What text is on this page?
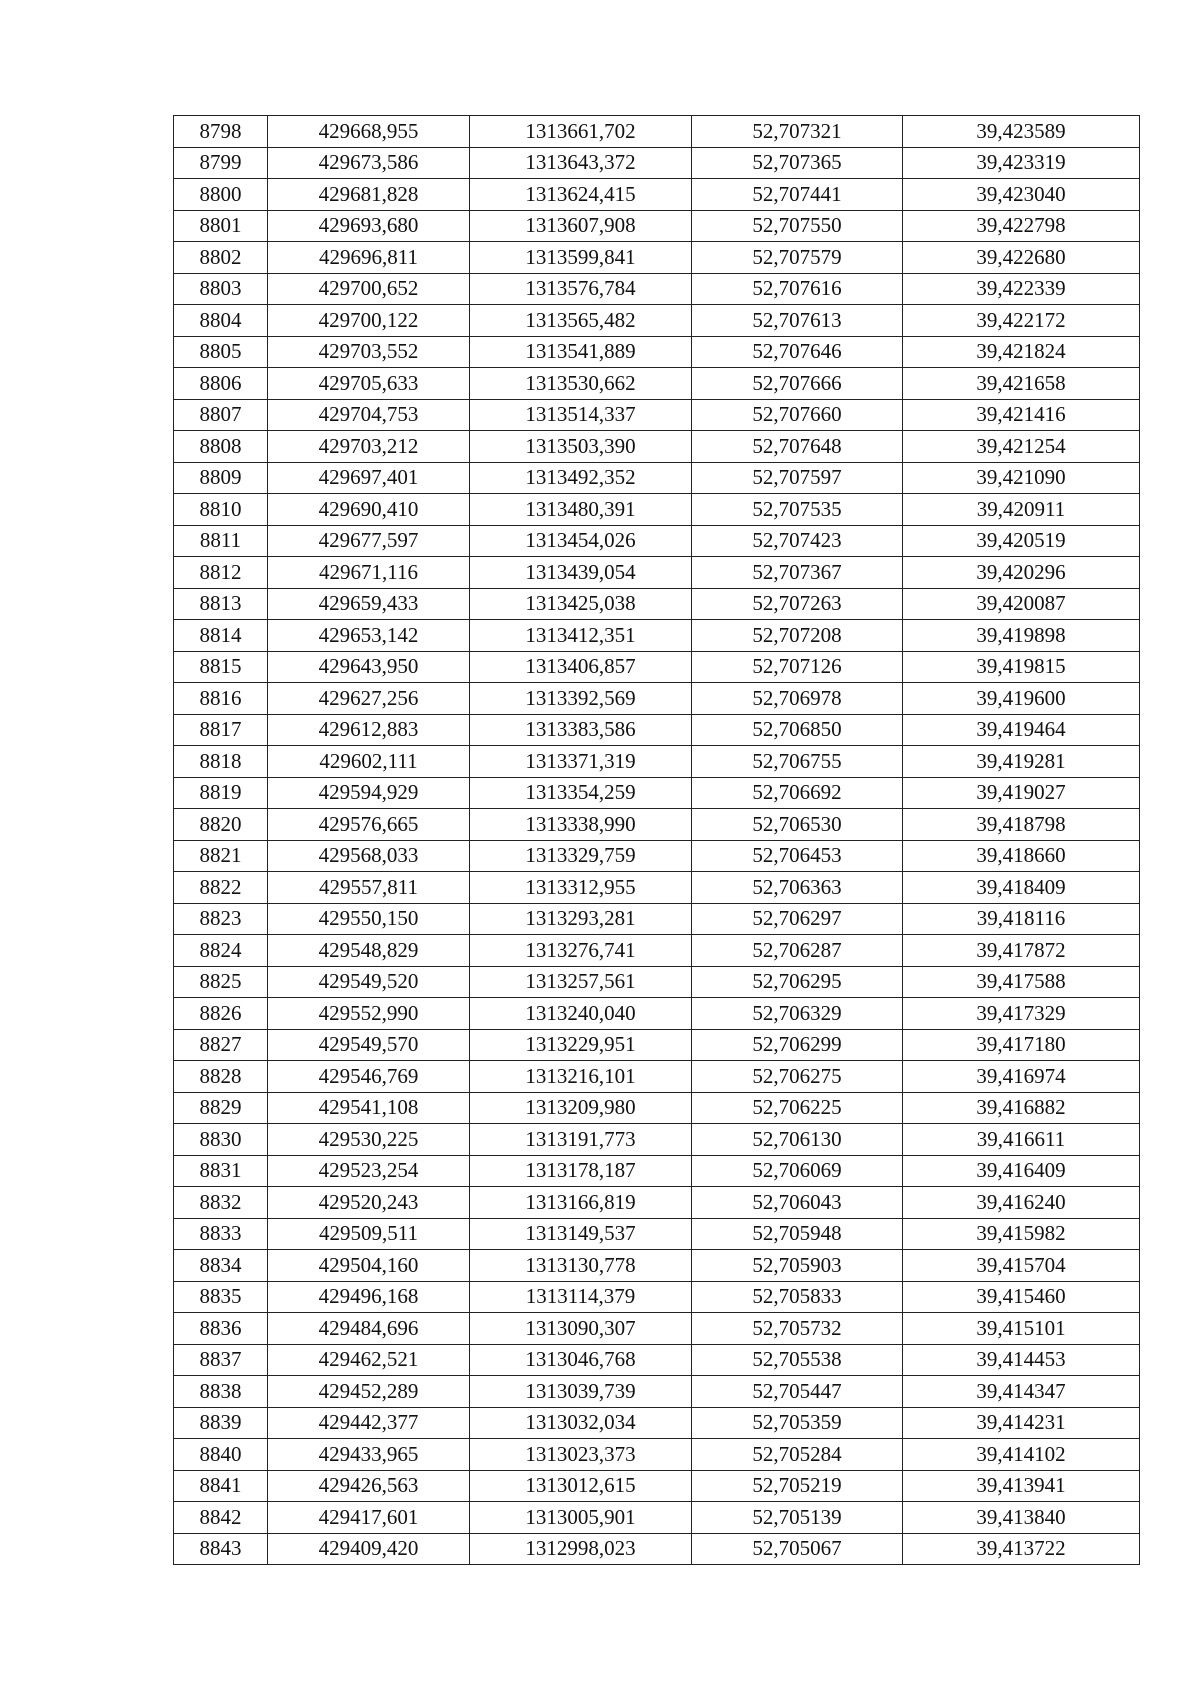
8798	429668,955	1313661,702	52,707321	39,423589
8799	429673,586	1313643,372	52,707365	39,423319
8800	429681,828	1313624,415	52,707441	39,423040
8801	429693,680	1313607,908	52,707550	39,422798
8802	429696,811	1313599,841	52,707579	39,422680
8803	429700,652	1313576,784	52,707616	39,422339
8804	429700,122	1313565,482	52,707613	39,422172
8805	429703,552	1313541,889	52,707646	39,421824
8806	429705,633	1313530,662	52,707666	39,421658
8807	429704,753	1313514,337	52,707660	39,421416
8808	429703,212	1313503,390	52,707648	39,421254
8809	429697,401	1313492,352	52,707597	39,421090
8810	429690,410	1313480,391	52,707535	39,420911
8811	429677,597	1313454,026	52,707423	39,420519
8812	429671,116	1313439,054	52,707367	39,420296
8813	429659,433	1313425,038	52,707263	39,420087
8814	429653,142	1313412,351	52,707208	39,419898
8815	429643,950	1313406,857	52,707126	39,419815
8816	429627,256	1313392,569	52,706978	39,419600
8817	429612,883	1313383,586	52,706850	39,419464
8818	429602,111	1313371,319	52,706755	39,419281
8819	429594,929	1313354,259	52,706692	39,419027
8820	429576,665	1313338,990	52,706530	39,418798
8821	429568,033	1313329,759	52,706453	39,418660
8822	429557,811	1313312,955	52,706363	39,418409
8823	429550,150	1313293,281	52,706297	39,418116
8824	429548,829	1313276,741	52,706287	39,417872
8825	429549,520	1313257,561	52,706295	39,417588
8826	429552,990	1313240,040	52,706329	39,417329
8827	429549,570	1313229,951	52,706299	39,417180
8828	429546,769	1313216,101	52,706275	39,416974
8829	429541,108	1313209,980	52,706225	39,416882
8830	429530,225	1313191,773	52,706130	39,416611
8831	429523,254	1313178,187	52,706069	39,416409
8832	429520,243	1313166,819	52,706043	39,416240
8833	429509,511	1313149,537	52,705948	39,415982
8834	429504,160	1313130,778	52,705903	39,415704
8835	429496,168	1313114,379	52,705833	39,415460
8836	429484,696	1313090,307	52,705732	39,415101
8837	429462,521	1313046,768	52,705538	39,414453
8838	429452,289	1313039,739	52,705447	39,414347
8839	429442,377	1313032,034	52,705359	39,414231
8840	429433,965	1313023,373	52,705284	39,414102
8841	429426,563	1313012,615	52,705219	39,413941
8842	429417,601	1313005,901	52,705139	39,413840
8843	429409,420	1312998,023	52,705067	39,413722
